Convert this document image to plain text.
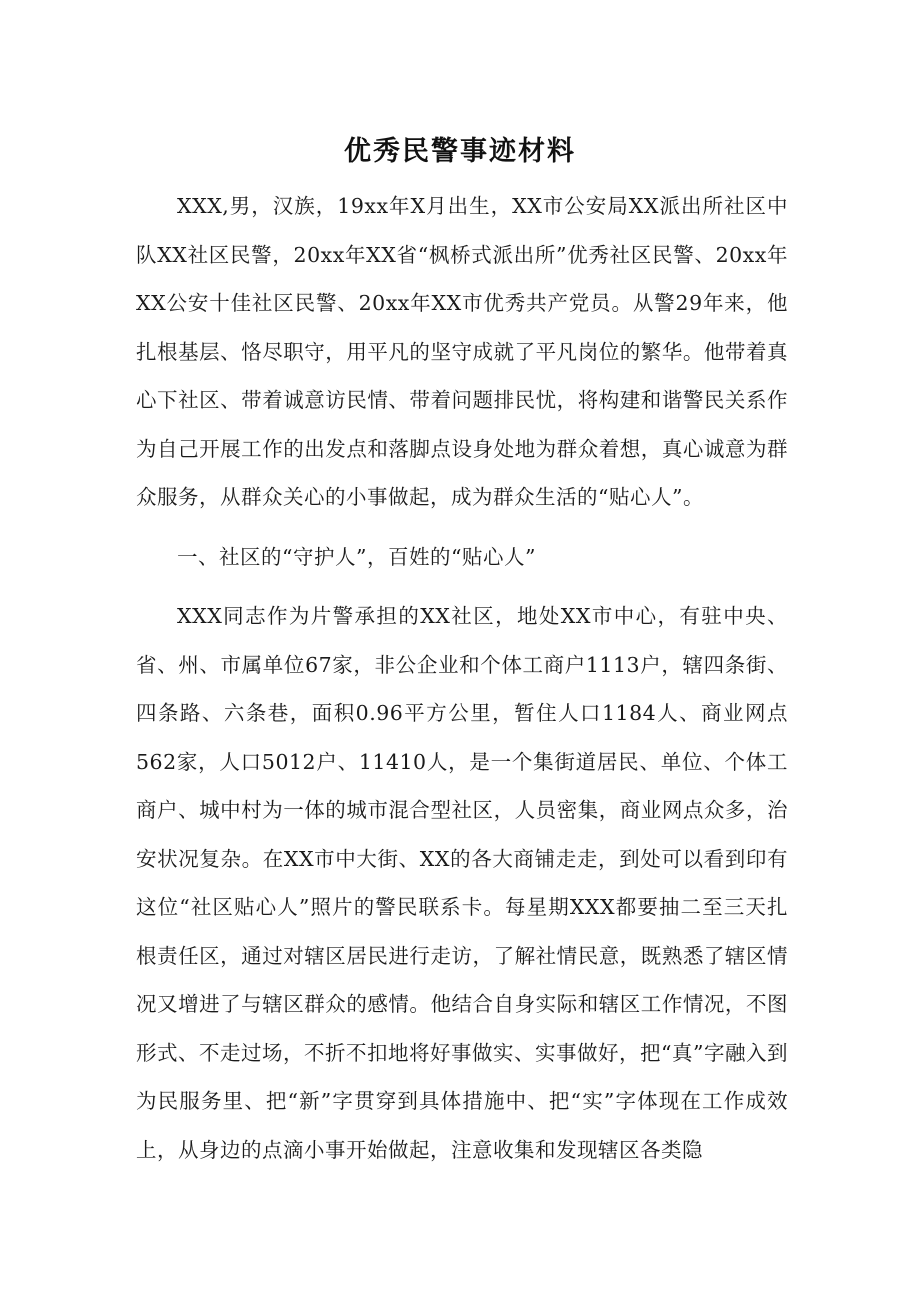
优秀民警事迹材料

XXX,男，汉族，19xx年X月出生，XX市公安局XX派出所社区中队XX社区民警，20xx年XX省“枫桥式派出所”优秀社区民警、20xx年XX公安十佳社区民警、20xx年XX市优秀共产党员。从警29年来，他扎根基层、恪尽职守，用平凡的坚守成就了平凡岗位的繁华。他带着真心下社区、带着诚意访民情、带着问题排民忧，将构建和谐警民关系作为自己开展工作的出发点和落脚点设身处地为群众着想，真心诚意为群众服务，从群众关心的小事做起，成为群众生活的“贴心人”。

一、社区的“守护人”，百姓的“贴心人”

XXX同志作为片警承担的XX社区，地处XX市中心，有驻中央、省、州、市属单位67家，非公企业和个体工商户1113户，辖四条街、四条路、六条巷，面积0.96平方公里，暂住人口1184人、商业网点562家，人口5012户、11410人，是一个集街道居民、单位、个体工商户、城中村为一体的城市混合型社区，人员密集，商业网点众多，治安状况复杂。在XX市中大街、XX的各大商铺走走，到处可以看到印有这位“社区贴心人”照片的警民联系卡。每星期XXX都要抽二至三天扎根责任区，通过对辖区居民进行走访，了解社情民意，既熟悉了辖区情况又增进了与辖区群众的感情。他结合自身实际和辖区工作情况，不图形式、不走过场，不折不扣地将好事做实、实事做好，把“真”字融入到为民服务里、把“新”字贯穿到具体措施中、把“实”字体现在工作成效上，从身边的点滴小事开始做起，注意收集和发现辖区各类隐
